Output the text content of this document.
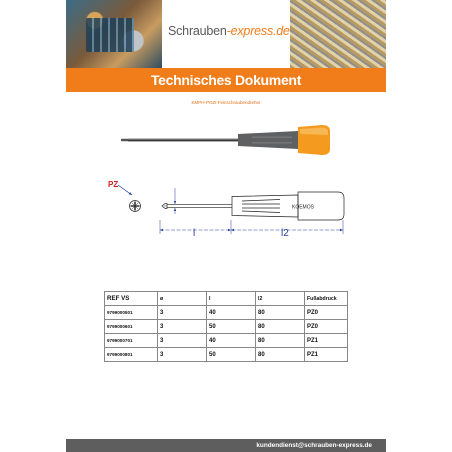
Schrauben-express.de
Technisches Dokument
KMPH-POZI Feinschraubendreher
PZ
KOEMOS
l	l2
REF VS	ø	l	l2	Fußabdruck
9799000501	3	40	80	PZ0
9799000601	3	50	80	PZ0
9799000701	3	40	80	PZ1
9799000801	3	50	80	PZ1
kundendienst@schrauben-express.de
